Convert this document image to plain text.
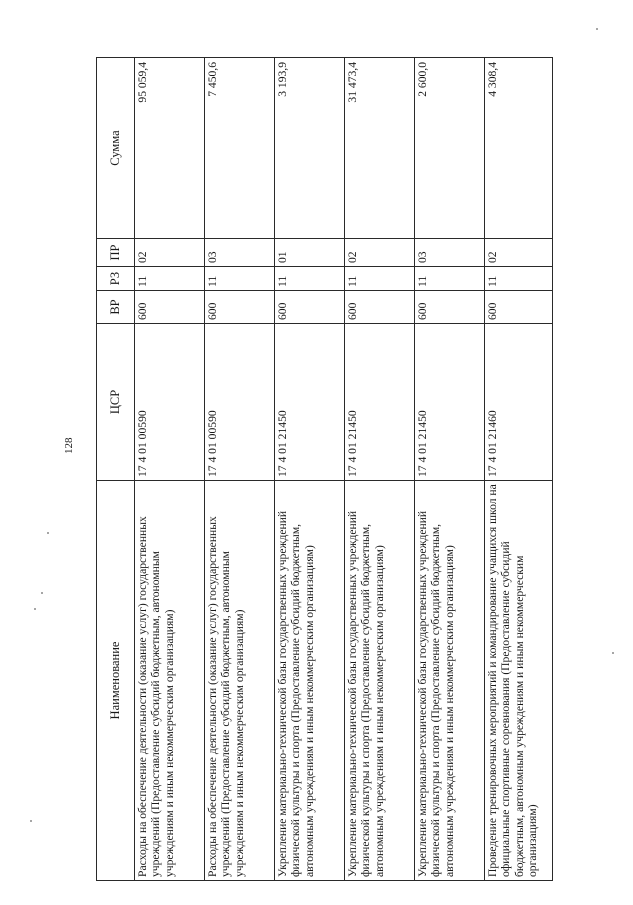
128
Наименование	ЦСР	ВР	РЗ	ПР	Сумма
Расходы на обеспечение деятельности (оказание услуг) государственных учреждений (Предоставление субсидий бюджетным, автономным учреждениям и иным некоммерческим организациям)	17 4 01 00590	600	11	02	95 059,4
Расходы на обеспечение деятельности (оказание услуг) государственных учреждений (Предоставление субсидий бюджетным, автономным учреждениям и иным некоммерческим организациям)	17 4 01 00590	600	11	03	7 450,6
Укрепление материально-технической базы государственных учреждений физической культуры и спорта (Предоставление субсидий бюджетным, автономным учреждениям и иным некоммерческим организациям)	17 4 01 21450	600	11	01	3 193,9
Укрепление материально-технической базы государственных учреждений физической культуры и спорта (Предоставление субсидий бюджетным, автономным учреждениям и иным некоммерческим организациям)	17 4 01 21450	600	11	02	31 473,4
Укрепление материально-технической базы государственных учреждений физической культуры и спорта (Предоставление субсидий бюджетным, автономным учреждениям и иным некоммерческим организациям)	17 4 01 21450	600	11	03	2 600,0
Проведение тренировочных мероприятий и командирование учащихся школ на официальные спортивные соревнования (Предоставление субсидий бюджетным, автономным учреждениям и иным некоммерческим организациям)	17 4 01 21460	600	11	02	4 308,4
